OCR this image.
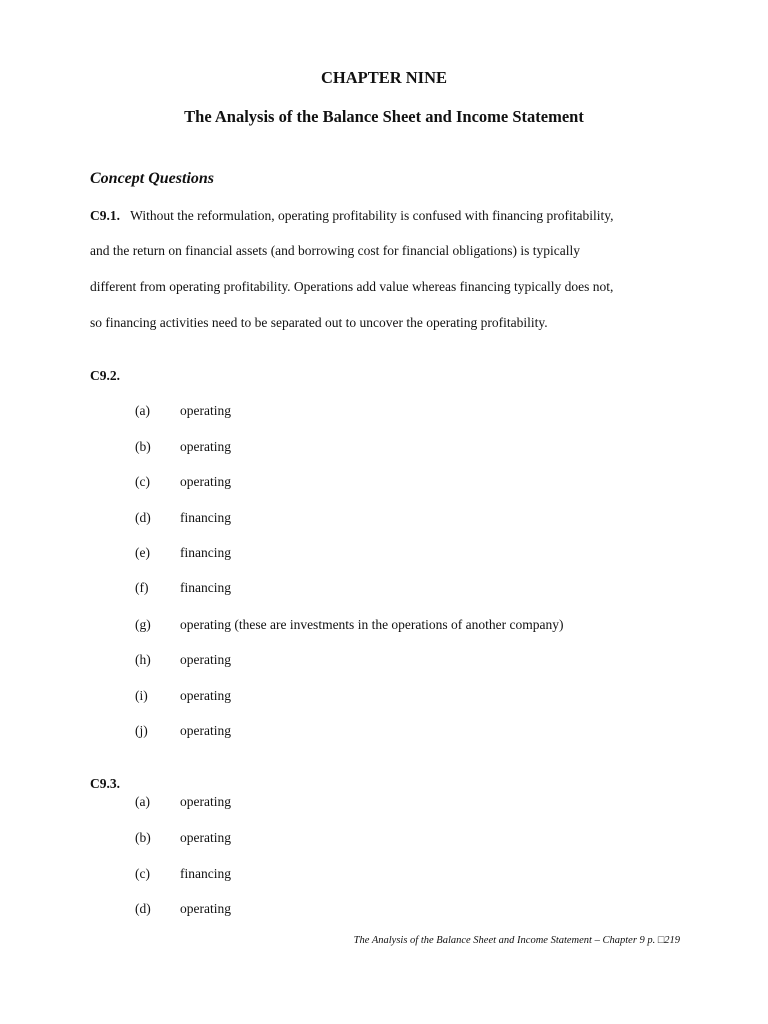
CHAPTER NINE
The Analysis of the Balance Sheet and Income Statement
Concept Questions
C9.1. Without the reformulation, operating profitability is confused with financing profitability,
and the return on financial assets (and borrowing cost for financial obligations) is typically
different from operating profitability. Operations add value whereas financing typically does not,
so financing activities need to be separated out to uncover the operating profitability.
C9.2.
(a) operating
(b) operating
(c) operating
(d) financing
(e) financing
(f) financing
(g) operating (these are investments in the operations of another company)
(h) operating
(i) operating
(j) operating
C9.3.
(a) operating
(b) operating
(c) financing
(d) operating
The Analysis of the Balance Sheet and Income Statement – Chapter 9 p. □219
